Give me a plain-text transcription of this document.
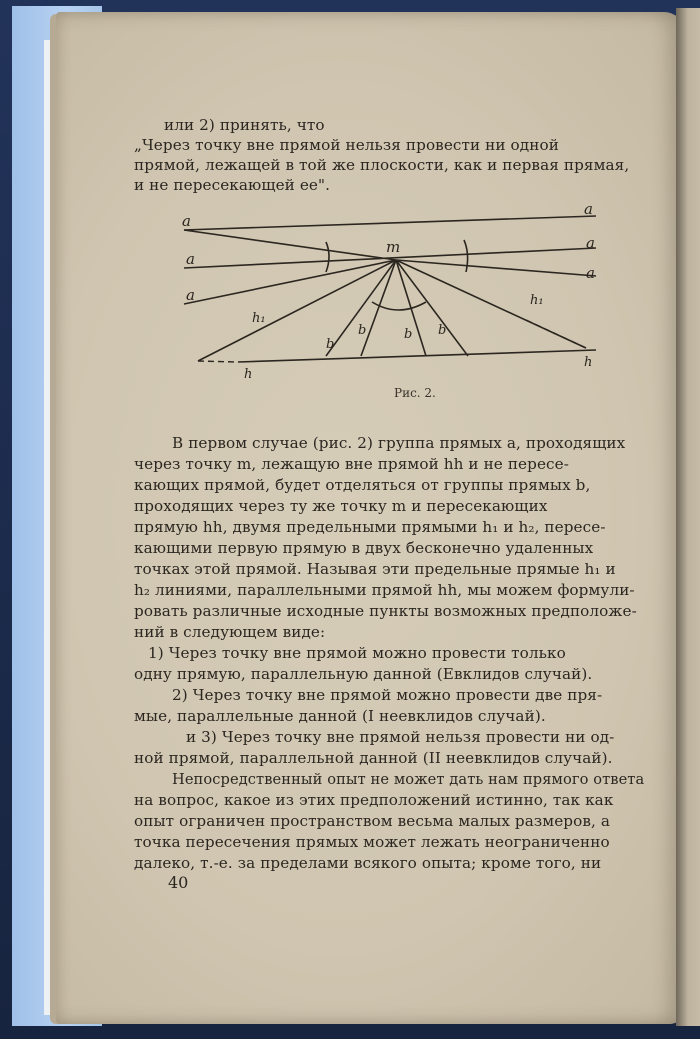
или 2) принять, что
„Через точку вне прямой нельзя провести ни одной
прямой, лежащей в той же плоскости, как и первая прямая,
и не пересекающей ее".
a
a
a
a
a
a
m
h₁
h₁
b
b	b b
h
h
Рис. 2.
В первом случае (рис. 2) группа прямых a, проходящих
через точку m, лежащую вне прямой hh и не пересе-
кающих прямой, будет отделяться от группы прямых b,
проходящих через ту же точку m и пересекающих
прямую hh, двумя предельными прямыми h₁ и h₂, пересе-
кающими первую прямую в двух бесконечно удаленных
точках этой прямой. Называя эти предельные прямые h₁ и
h₂ линиями, параллельными прямой hh, мы можем формули-
ровать различные исходные пункты возможных предположе-
ний в следующем виде:
1) Через точку вне прямой можно провести только
одну прямую, параллельную данной (Евклидов случай).
2) Через точку вне прямой можно провести две пря-
мые, параллельные данной (I неевклидов случай).
и 3) Через точку вне прямой нельзя провести ни од-
ной прямой, параллельной данной (II неевклидов случай).
Непосредственный опыт не может дать нам прямого ответа
на вопрос, какое из этих предположений истинно, так как
опыт ограничен пространством весьма малых размеров, а
точка пересечения прямых может лежать неограниченно
далеко, т.-е. за пределами всякого опыта; кроме того, ни
40
